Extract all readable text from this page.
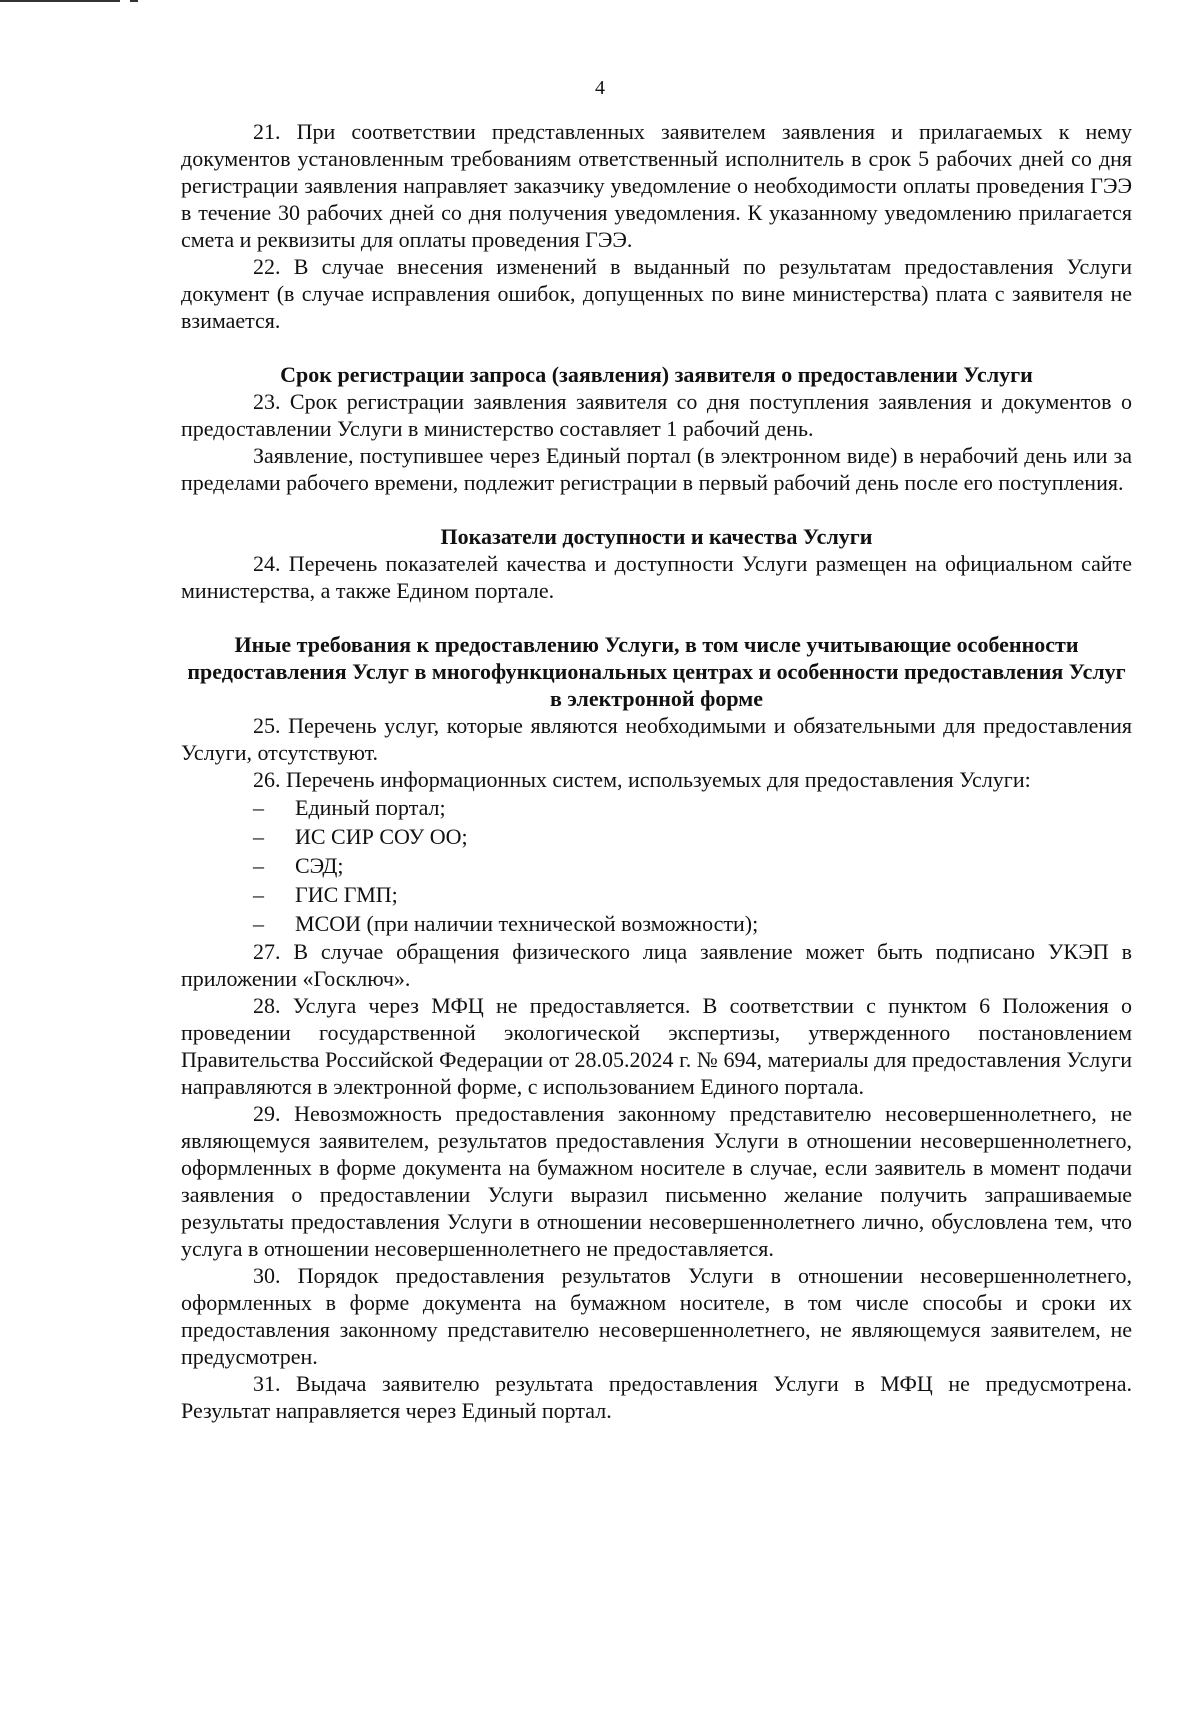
4

21. При соответствии представленных заявителем заявления и прилагаемых к нему документов установленным требованиям ответственный исполнитель в срок 5 рабочих дней со дня регистрации заявления направляет заказчику уведомление о необходимости оплаты проведения ГЭЭ в течение 30 рабочих дней со дня получения уведомления. К указанному уведомлению прилагается смета и реквизиты для оплаты проведения ГЭЭ.

22. В случае внесения изменений в выданный по результатам предоставления Услуги документ (в случае исправления ошибок, допущенных по вине министерства) плата с заявителя не взимается.

Срок регистрации запроса (заявления) заявителя о предоставлении Услуги

23. Срок регистрации заявления заявителя со дня поступления заявления и документов о предоставлении Услуги в министерство составляет 1 рабочий день.

Заявление, поступившее через Единый портал (в электронном виде) в нерабочий день или за пределами рабочего времени, подлежит регистрации в первый рабочий день после его поступления.

Показатели доступности и качества Услуги

24. Перечень показателей качества и доступности Услуги размещен на официальном сайте министерства, а также Едином портале.

Иные требования к предоставлению Услуги, в том числе учитывающие особенности предоставления Услуг в многофункциональных центрах и особенности предоставления Услуг в электронной форме

25. Перечень услуг, которые являются необходимыми и обязательными для предоставления Услуги, отсутствуют.

26. Перечень информационных систем, используемых для предоставления Услуги:

– Единый портал;
– ИС СИР СОУ ОО;
– СЭД;
– ГИС ГМП;
– МСОИ (при наличии технической возможности);

27. В случае обращения физического лица заявление может быть подписано УКЭП в приложении «Госключ».

28. Услуга через МФЦ не предоставляется. В соответствии с пунктом 6 Положения о проведении государственной экологической экспертизы, утвержденного постановлением Правительства Российской Федерации от 28.05.2024 г. № 694, материалы для предоставления Услуги направляются в электронной форме, с использованием Единого портала.

29. Невозможность предоставления законному представителю несовершеннолетнего, не являющемуся заявителем, результатов предоставления Услуги в отношении несовершеннолетнего, оформленных в форме документа на бумажном носителе в случае, если заявитель в момент подачи заявления о предоставлении Услуги выразил письменно желание получить запрашиваемые результаты предоставления Услуги в отношении несовершеннолетнего лично, обусловлена тем, что услуга в отношении несовершеннолетнего не предоставляется.

30. Порядок предоставления результатов Услуги в отношении несовершеннолетнего, оформленных в форме документа на бумажном носителе, в том числе способы и сроки их предоставления законному представителю несовершеннолетнего, не являющемуся заявителем, не предусмотрен.

31. Выдача заявителю результата предоставления Услуги в МФЦ не предусмотрена. Результат направляется через Единый портал.
